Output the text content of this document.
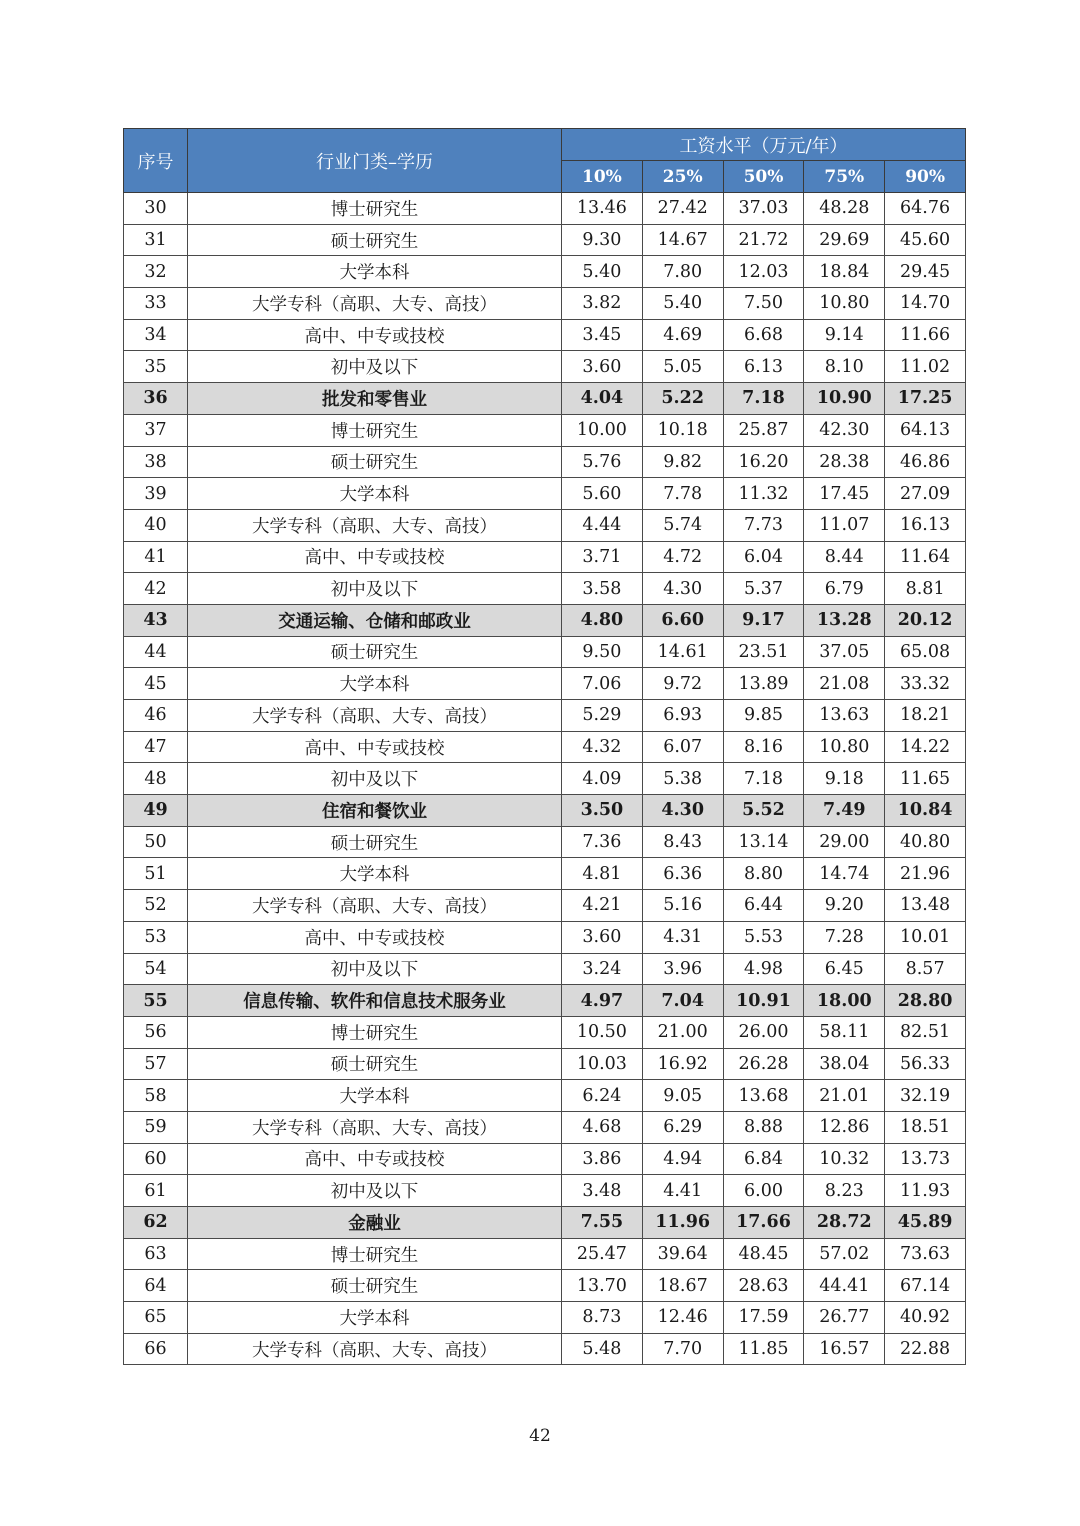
序号	行业门类–学历	工资水平（万元/年）				
		10%	25%	50%	75%	90%
30	博士研究生	13.46	27.42	37.03	48.28	64.76
31	硕士研究生	9.30	14.67	21.72	29.69	45.60
32	大学本科	5.40	7.80	12.03	18.84	29.45
33	大学专科（高职、大专、高技）	3.82	5.40	7.50	10.80	14.70
34	高中、中专或技校	3.45	4.69	6.68	9.14	11.66
35	初中及以下	3.60	5.05	6.13	8.10	11.02
36	批发和零售业	4.04	5.22	7.18	10.90	17.25
37	博士研究生	10.00	10.18	25.87	42.30	64.13
38	硕士研究生	5.76	9.82	16.20	28.38	46.86
39	大学本科	5.60	7.78	11.32	17.45	27.09
40	大学专科（高职、大专、高技）	4.44	5.74	7.73	11.07	16.13
41	高中、中专或技校	3.71	4.72	6.04	8.44	11.64
42	初中及以下	3.58	4.30	5.37	6.79	8.81
43	交通运输、仓储和邮政业	4.80	6.60	9.17	13.28	20.12
44	硕士研究生	9.50	14.61	23.51	37.05	65.08
45	大学本科	7.06	9.72	13.89	21.08	33.32
46	大学专科（高职、大专、高技）	5.29	6.93	9.85	13.63	18.21
47	高中、中专或技校	4.32	6.07	8.16	10.80	14.22
48	初中及以下	4.09	5.38	7.18	9.18	11.65
49	住宿和餐饮业	3.50	4.30	5.52	7.49	10.84
50	硕士研究生	7.36	8.43	13.14	29.00	40.80
51	大学本科	4.81	6.36	8.80	14.74	21.96
52	大学专科（高职、大专、高技）	4.21	5.16	6.44	9.20	13.48
53	高中、中专或技校	3.60	4.31	5.53	7.28	10.01
54	初中及以下	3.24	3.96	4.98	6.45	8.57
55	信息传输、软件和信息技术服务业	4.97	7.04	10.91	18.00	28.80
56	博士研究生	10.50	21.00	26.00	58.11	82.51
57	硕士研究生	10.03	16.92	26.28	38.04	56.33
58	大学本科	6.24	9.05	13.68	21.01	32.19
59	大学专科（高职、大专、高技）	4.68	6.29	8.88	12.86	18.51
60	高中、中专或技校	3.86	4.94	6.84	10.32	13.73
61	初中及以下	3.48	4.41	6.00	8.23	11.93
62	金融业	7.55	11.96	17.66	28.72	45.89
63	博士研究生	25.47	39.64	48.45	57.02	73.63
64	硕士研究生	13.70	18.67	28.63	44.41	67.14
65	大学本科	8.73	12.46	17.59	26.77	40.92
66	大学专科（高职、大专、高技）	5.48	7.70	11.85	16.57	22.88
42
